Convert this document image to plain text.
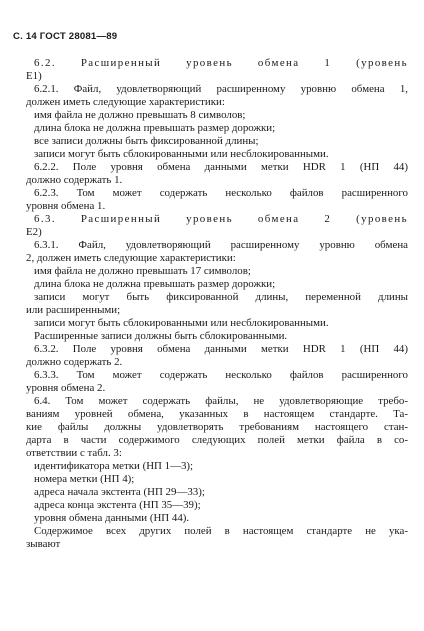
С. 14 ГОСТ 28081—89
6.2. Расширенный уровень обмена 1 (уровень
E1)
6.2.1. Файл, удовлетворяющий расширенному уровню обмена 1,
должен иметь следующие характеристики:
имя файла не должно превышать 8 символов;
длина блока не должна превышать размер дорожки;
все записи должны быть фиксированной длины;
записи могут быть сблокированными или несблокированными.
6.2.2. Поле уровня обмена данными метки HDR 1 (НП 44)
должно содержать 1.
6.2.3. Том может содержать несколько файлов расширенного
уровня обмена 1.
6.3. Расширенный уровень обмена 2 (уровень
E2)
6.3.1. Файл, удовлетворяющий расширенному уровню обмена
2, должен иметь следующие характеристики:
имя файла не должно превышать 17 символов;
длина блока не должна превышать размер дорожки;
записи могут быть фиксированной длины, переменной длины
или расширенными;
записи могут быть сблокированными или несблокированными.
Расширенные записи должны быть сблокированными.
6.3.2. Поле уровня обмена данными метки HDR 1 (НП 44)
должно содержать 2.
6.3.3. Том может содержать несколько файлов расширенного
уровня обмена 2.
6.4. Том может содержать файлы, не удовлетворяющие требо-
ваниям уровней обмена, указанных в настоящем стандарте. Та-
кие файлы должны удовлетворять требованиям настоящего стан-
дарта в части содержимого следующих полей метки файла в со-
ответствии с табл. 3:
идентификатора метки (НП 1—3);
номера метки (НП 4);
адреса начала экстента (НП 29—33);
адреса конца экстента (НП 35—39);
уровня обмена данными (НП 44).
Содержимое всех других полей в настоящем стандарте не ука-
зывают
